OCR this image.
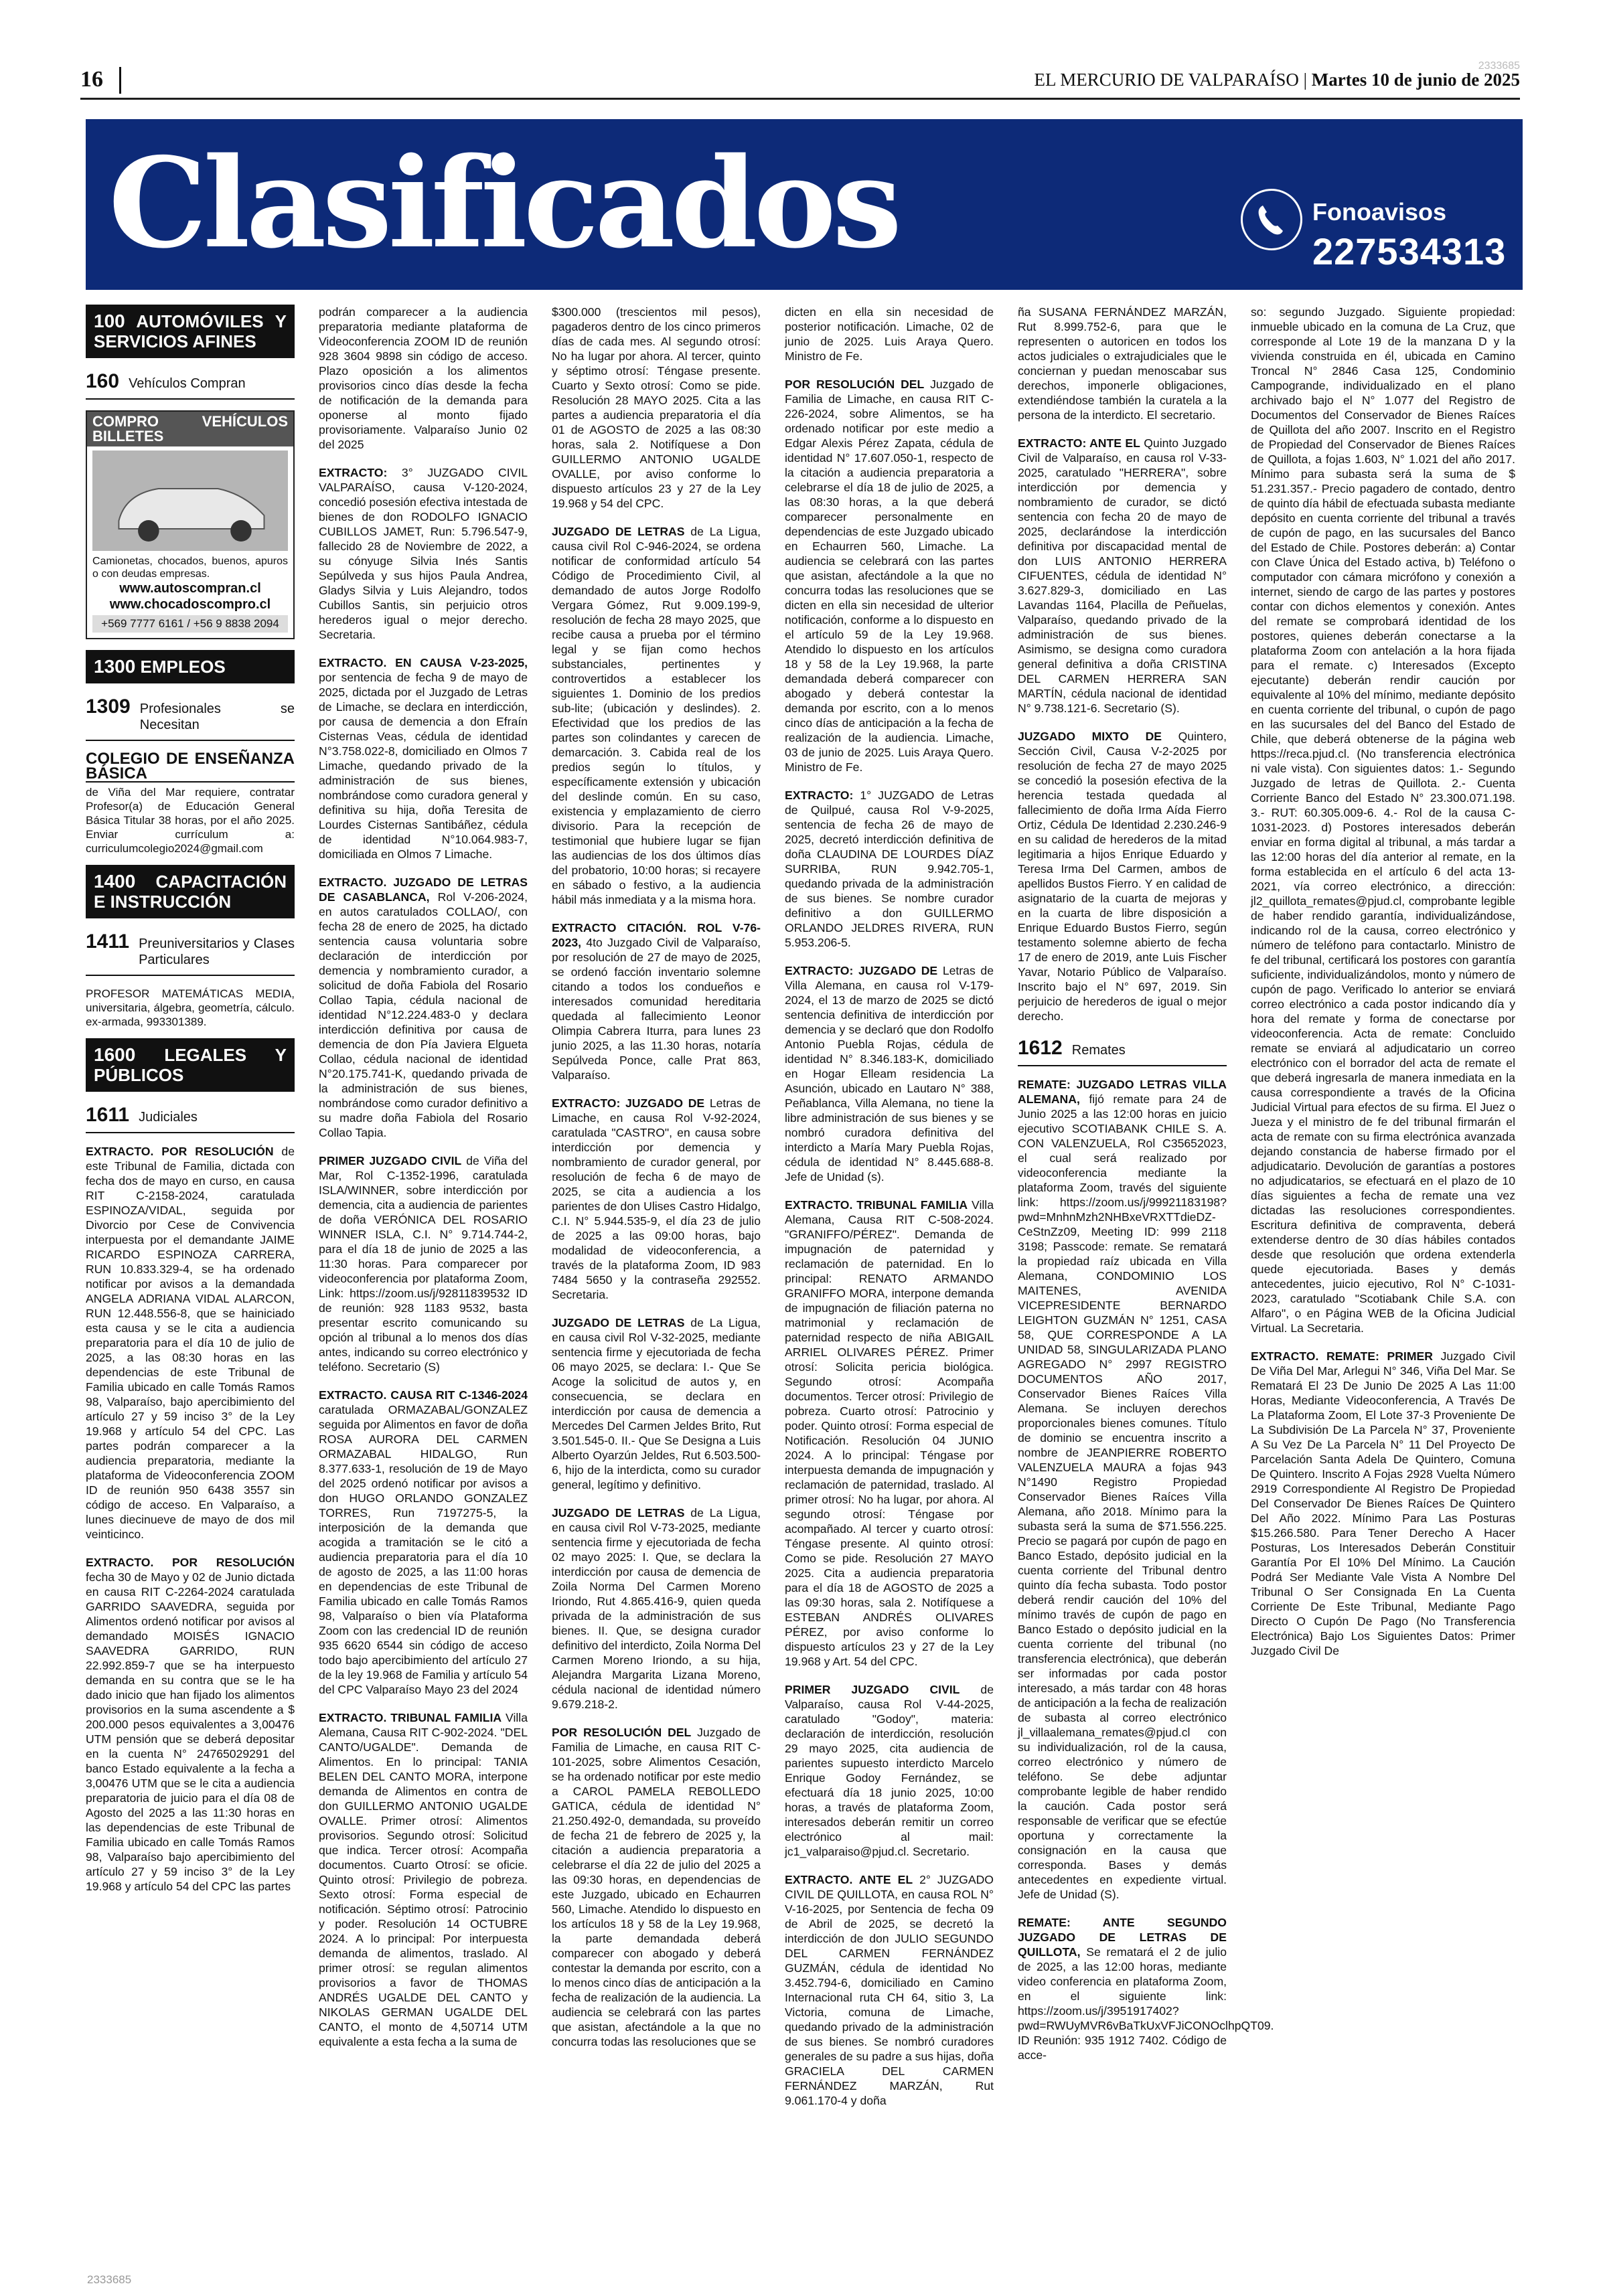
16	EL MERCURIO DE VALPARAÍSO | Martes 10 de junio de 2025
2333685
Clasificados	Fonoavisos
227534313
100 AUTOMÓVILES Y SERVICIOS AFINES
160 Vehículos Compran
COMPRO VEHÍCULOS BILLETES
Camionetas, chocados, buenos, apuros o con deudas empresas.
www.autoscompran.cl
www.chocadoscompro.cl
+569 7777 6161 / +56 9 8838 2094
1300 EMPLEOS
1309 Profesionales se Necesitan
COLEGIO DE ENSEÑANZA BÁSICA
de Viña del Mar requiere, contratar Profesor(a) de Educación General Básica Titular 38 horas, por el año 2025. Enviar currículum a: curriculumcolegio2024@gmail.com
1400 CAPACITACIÓN E INSTRUCCIÓN
1411 Preuniversitarios y Clases Particulares
PROFESOR MATEMÁTICAS MEDIA, universitaria, álgebra, geometría, cálculo. ex-armada, 993301389.
1600 LEGALES Y PÚBLICOS
1611 Judiciales

EXTRACTO. POR RESOLUCIÓN de este Tribunal de Familia, dictada con fecha dos de mayo en curso, en causa RIT C-2158-2024, caratulada ESPINOZA/VIDAL, seguida por Divorcio por Cese de Convivencia interpuesta por el demandante JAIME RICARDO ESPINOZA CARRERA, RUN 10.833.329-4, se ha ordenado notificar por avisos a la demandada ANGELA ADRIANA VIDAL ALARCON, RUN 12.448.556-8, que se hainiciado esta causa y se le cita a audiencia preparatoria para el día 10 de julio de 2025, a las 08:30 horas en las dependencias de este Tribunal de Familia ubicado en calle Tomás Ramos 98, Valparaíso, bajo apercibimiento del artículo 27 y 59 inciso 3° de la Ley 19.968 y artículo 54 del CPC. Las partes podrán comparecer a la audiencia preparatoria, mediante la plataforma de Videoconferencia ZOOM ID de reunión 950 6438 3557 sin código de acceso. En Valparaíso, a lunes diecinueve de mayo de dos mil veinticinco.

EXTRACTO. POR RESOLUCIÓN fecha 30 de Mayo y 02 de Junio dictada en causa RIT C-2264-2024 caratulada GARRIDO SAAVEDRA, seguida por Alimentos ordenó notificar por avisos al demandado MOISÉS IGNACIO SAAVEDRA GARRIDO, RUN 22.992.859-7 que se ha interpuesto demanda en su contra que se le ha dado inicio que han fijado los alimentos provisorios en la suma ascendente a $ 200.000 pesos equivalentes a 3,00476 UTM pensión que se deberá depositar en la cuenta N° 24765029291 del banco Estado equivalente a la fecha a 3,00476 UTM que se le cita a audiencia preparatoria de juicio para el día 08 de Agosto del 2025 a las 11:30 horas en las dependencias de este Tribunal de Familia ubicado en calle Tomás Ramos 98, Valparaíso bajo apercibimiento del artículo 27 y 59 inciso 3° de la Ley 19.968 y artículo 54 del CPC las partes

podrán comparecer a la audiencia preparatoria mediante plataforma de Videoconferencia ZOOM ID de reunión 928 3604 9898 sin código de acceso. Plazo oposición a los alimentos provisorios cinco días desde la fecha de notificación de la demanda para oponerse al monto fijado provisoriamente. Valparaíso Junio 02 del 2025

EXTRACTO: 3° JUZGADO CIVIL VALPARAÍSO, causa V-120-2024, concedió posesión efectiva intestada de bienes de don RODOLFO IGNACIO CUBILLOS JAMET, Run: 5.796.547-9, fallecido 28 de Noviembre de 2022, a su cónyuge Silvia Inés Santis Sepúlveda y sus hijos Paula Andrea, Gladys Silvia y Luis Alejandro, todos Cubillos Santis, sin perjuicio otros herederos igual o mejor derecho. Secretaria.

EXTRACTO. EN CAUSA V-23-2025, por sentencia de fecha 9 de mayo de 2025, dictada por el Juzgado de Letras de Limache, se declara en interdicción, por causa de demencia a don Efraín Cisternas Veas, cédula de identidad N°3.758.022-8, domiciliado en Olmos 7 Limache, quedando privado de la administración de sus bienes, nombrándose como curadora general y definitiva su hija, doña Teresita de Lourdes Cisternas Santibáñez, cédula de identidad N°10.064.983-7, domiciliada en Olmos 7 Limache.

EXTRACTO. JUZGADO DE LETRAS DE CASABLANCA, Rol V-206-2024, en autos caratulados COLLAO/, con fecha 28 de enero de 2025, ha dictado sentencia causa voluntaria sobre declaración de interdicción por demencia y nombramiento curador, a solicitud de doña Fabiola del Rosario Collao Tapia, cédula nacional de identidad N°12.224.483-0 y declara interdicción definitiva por causa de demencia de don Pía Javiera Elgueta Collao, cédula nacional de identidad N°20.175.741-K, quedando privada de la administración de sus bienes, nombrándose como curador definitivo a su madre doña Fabiola del Rosario Collao Tapia.

PRIMER JUZGADO CIVIL de Viña del Mar, Rol C-1352-1996, caratulada ISLA/WINNER, sobre interdicción por demencia, cita a audiencia de parientes de doña VERÓNICA DEL ROSARIO WINNER ISLA, C.I. N° 9.714.744-2, para el día 18 de junio de 2025 a las 11:30 horas. Para comparecer por videoconferencia por plataforma Zoom, Link: https://zoom.us/j/92811839532 ID de reunión: 928 1183 9532, basta presentar escrito comunicando su opción al tribunal a lo menos dos días antes, indicando su correo electrónico y teléfono. Secretario (S)

EXTRACTO. CAUSA RIT C-1346-2024 caratulada ORMAZABAL/GONZALEZ seguida por Alimentos en favor de doña ROSA AURORA DEL CARMEN ORMAZABAL HIDALGO, Run 8.377.633-1, resolución de 19 de Mayo del 2025 ordenó notificar por avisos a don HUGO ORLANDO GONZALEZ TORRES, Run 7197275-5, la interposición de la demanda que acogida a tramitación se le citó a audiencia preparatoria para el día 10 de agosto de 2025, a las 11:00 horas en dependencias de este Tribunal de Familia ubicado en calle Tomás Ramos 98, Valparaíso o bien vía Plataforma Zoom con las credencial ID de reunión 935 6620 6544 sin código de acceso todo bajo apercibimiento del artículo 27 de la ley 19.968 de Familia y artículo 54 del CPC Valparaíso Mayo 23 del 2024

EXTRACTO. TRIBUNAL FAMILIA Villa Alemana, Causa RIT C-902-2024. "DEL CANTO/UGALDE". Demanda de Alimentos. En lo principal: TANIA BELEN DEL CANTO MORA, interpone demanda de Alimentos en contra de don GUILLERMO ANTONIO UGALDE OVALLE. Primer otrosí: Alimentos provisorios. Segundo otrosí: Solicitud que indica. Tercer otrosí: Acompaña documentos. Cuarto Otrosí: se oficie. Quinto otrosí: Privilegio de pobreza. Sexto otrosí: Forma especial de notificación. Séptimo otrosí: Patrocinio y poder. Resolución 14 OCTUBRE 2024. A lo principal: Por interpuesta demanda de alimentos, traslado. Al primer otrosí: se regulan alimentos provisorios a favor de THOMAS ANDRÉS UGALDE DEL CANTO y NIKOLAS GERMAN UGALDE DEL CANTO, el monto de 4,50714 UTM equivalente a esta fecha a la suma de

$300.000 (trescientos mil pesos), pagaderos dentro de los cinco primeros días de cada mes. Al segundo otrosí: No ha lugar por ahora. Al tercer, quinto y séptimo otrosí: Téngase presente. Cuarto y Sexto otrosí: Como se pide. Resolución 28 MAYO 2025. Cita a las partes a audiencia preparatoria el día 01 de AGOSTO de 2025 a las 08:30 horas, sala 2. Notifíquese a Don GUILLERMO ANTONIO UGALDE OVALLE, por aviso conforme lo dispuesto artículos 23 y 27 de la Ley 19.968 y 54 del CPC.

JUZGADO DE LETRAS de La Ligua, causa civil Rol C-946-2024, se ordena notificar de conformidad artículo 54 Código de Procedimiento Civil, al demandado de autos Jorge Rodolfo Vergara Gómez, Rut 9.009.199-9, resolución de fecha 28 mayo 2025, que recibe causa a prueba por el término legal y se fijan como hechos substanciales, pertinentes y controvertidos a establecer los siguientes 1. Dominio de los predios sub-lite; (ubicación y deslindes). 2. Efectividad que los predios de las partes son colindantes y carecen de demarcación. 3. Cabida real de los predios según lo títulos, y específicamente extensión y ubicación del deslinde común. En su caso, existencia y emplazamiento de cierro divisorio. Para la recepción de testimonial que hubiere lugar se fijan las audiencias de los dos últimos días del probatorio, 10:00 horas; si recayere en sábado o festivo, a la audiencia hábil más inmediata y a la misma hora.

EXTRACTO CITACIÓN. ROL V-76-2023, 4to Juzgado Civil de Valparaíso, por resolución de 27 de mayo de 2025, se ordenó facción inventario solemne citando a todos los condueños e interesados comunidad hereditaria quedada al fallecimiento Leonor Olimpia Cabrera Iturra, para lunes 23 junio 2025, a las 11.30 horas, notaría Sepúlveda Ponce, calle Prat 863, Valparaíso.

EXTRACTO: JUZGADO DE Letras de Limache, en causa Rol V-92-2024, caratulada "CASTRO", en causa sobre interdicción por demencia y nombramiento de curador general, por resolución de fecha 6 de mayo de 2025, se cita a audiencia a los parientes de don Ulises Castro Hidalgo, C.I. N° 5.944.535-9, el día 23 de julio de 2025 a las 09:00 horas, bajo modalidad de videoconferencia, a través de la plataforma Zoom, ID 983 7484 5650 y la contraseña 292552. Secretaria.

JUZGADO DE LETRAS de La Ligua, en causa civil Rol V-32-2025, mediante sentencia firme y ejecutoriada de fecha 06 mayo 2025, se declara: I.- Que Se Acoge la solicitud de autos y, en consecuencia, se declara en interdicción por causa de demencia a Mercedes Del Carmen Jeldes Brito, Rut 3.501.545-0. II.- Que Se Designa a Luis Alberto Oyarzún Jeldes, Rut 6.503.500-6, hijo de la interdicta, como su curador general, legítimo y definitivo.

JUZGADO DE LETRAS de La Ligua, en causa civil Rol V-73-2025, mediante sentencia firme y ejecutoriada de fecha 02 mayo 2025: I. Que, se declara la interdicción por causa de demencia de Zoila Norma Del Carmen Moreno Iriondo, Rut 4.865.416-9, quien queda privada de la administración de sus bienes. II. Que, se designa curador definitivo del interdicto, Zoila Norma Del Carmen Moreno Iriondo, a su hija, Alejandra Margarita Lizana Moreno, cédula nacional de identidad número 9.679.218-2.

POR RESOLUCIÓN DEL Juzgado de Familia de Limache, en causa RIT C-101-2025, sobre Alimentos Cesación, se ha ordenado notificar por este medio a CAROL PAMELA REBOLLEDO GATICA, cédula de identidad N° 21.250.492-0, demandada, su proveído de fecha 21 de febrero de 2025 y, la citación a audiencia preparatoria a celebrarse el día 22 de julio del 2025 a las 09:30 horas, en dependencias de este Juzgado, ubicado en Echaurren 560, Limache. Atendido lo dispuesto en los artículos 18 y 58 de la Ley 19.968, la parte demandada deberá comparecer con abogado y deberá contestar la demanda por escrito, con a lo menos cinco días de anticipación a la fecha de realización de la audiencia. La audiencia se celebrará con las partes que asistan, afectándole a la que no concurra todas las resoluciones que se

dicten en ella sin necesidad de posterior notificación. Limache, 02 de junio de 2025. Luis Araya Quero. Ministro de Fe.

POR RESOLUCIÓN DEL Juzgado de Familia de Limache, en causa RIT C-226-2024, sobre Alimentos, se ha ordenado notificar por este medio a Edgar Alexis Pérez Zapata, cédula de identidad N° 17.607.050-1, respecto de la citación a audiencia preparatoria a celebrarse el día 18 de julio de 2025, a las 08:30 horas, a la que deberá comparecer personalmente en dependencias de este Juzgado ubicado en Echaurren 560, Limache. La audiencia se celebrará con las partes que asistan, afectándole a la que no concurra todas las resoluciones que se dicten en ella sin necesidad de ulterior notificación, conforme a lo dispuesto en el artículo 59 de la Ley 19.968. Atendido lo dispuesto en los artículos 18 y 58 de la Ley 19.968, la parte demandada deberá comparecer con abogado y deberá contestar la demanda por escrito, con a lo menos cinco días de anticipación a la fecha de realización de la audiencia. Limache, 03 de junio de 2025. Luis Araya Quero. Ministro de Fe.

EXTRACTO: 1° JUZGADO de Letras de Quilpué, causa Rol V-9-2025, sentencia de fecha 26 de mayo de 2025, decretó interdicción definitiva de doña CLAUDINA DE LOURDES DÍAZ SURRIBA, RUN 9.942.705-1, quedando privada de la administración de sus bienes. Se nombre curador definitivo a don GUILLERMO ORLANDO JELDRES RIVERA, RUN 5.953.206-5.

EXTRACTO: JUZGADO DE Letras de Villa Alemana, en causa rol V-179-2024, el 13 de marzo de 2025 se dictó sentencia definitiva de interdicción por demencia y se declaró que don Rodolfo Antonio Puebla Rojas, cédula de identidad N° 8.346.183-K, domiciliado en Hogar Elleam residencia La Asunción, ubicado en Lautaro N° 388, Peñablanca, Villa Alemana, no tiene la libre administración de sus bienes y se nombró curadora definitiva del interdicto a María Mary Puebla Rojas, cédula de identidad N° 8.445.688-8. Jefe de Unidad (s).

EXTRACTO. TRIBUNAL FAMILIA Villa Alemana, Causa RIT C-508-2024. "GRANIFFO/PÉREZ". Demanda de impugnación de paternidad y reclamación de paternidad. En lo principal: RENATO ARMANDO GRANIFFO MORA, interpone demanda de impugnación de filiación paterna no matrimonial y reclamación de paternidad respecto de niña ABIGAIL ARRIEL OLIVARES PÉREZ. Primer otrosí: Solicita pericia biológica. Segundo otrosí: Acompaña documentos. Tercer otrosí: Privilegio de pobreza. Cuarto otrosí: Patrocinio y poder. Quinto otrosí: Forma especial de Notificación. Resolución 04 JUNIO 2024. A lo principal: Téngase por interpuesta demanda de impugnación y reclamación de paternidad, traslado. Al primer otrosí: No ha lugar, por ahora. Al segundo otrosí: Téngase por acompañado. Al tercer y cuarto otrosí: Téngase presente. Al quinto otrosí: Como se pide. Resolución 27 MAYO 2025. Cita a audiencia preparatoria para el día 18 de AGOSTO de 2025 a las 09:30 horas, sala 2. Notifíquese a ESTEBAN ANDRÉS OLIVARES PÉREZ, por aviso conforme lo dispuesto artículos 23 y 27 de la Ley 19.968 y Art. 54 del CPC.

PRIMER JUZGADO CIVIL de Valparaíso, causa Rol V-44-2025, caratulado "Godoy", materia: declaración de interdicción, resolución 29 mayo 2025, cita audiencia de parientes supuesto interdicto Marcelo Enrique Godoy Fernández, se efectuará día 18 junio 2025, 10:00 horas, a través de plataforma Zoom, interesados deberán remitir un correo electrónico al mail: jc1_valparaiso@pjud.cl. Secretario.

EXTRACTO. ANTE EL 2° JUZGADO CIVIL DE QUILLOTA, en causa ROL N° V-16-2025, por Sentencia de fecha 09 de Abril de 2025, se decretó la interdicción de don JULIO SEGUNDO DEL CARMEN FERNÁNDEZ GUZMÁN, cédula de identidad No 3.452.794-6, domiciliado en Camino Internacional ruta CH 64, sitio 3, La Victoria, comuna de Limache, quedando privado de la administración de sus bienes. Se nombró curadores generales de su padre a sus hijas, doña GRACIELA DEL CARMEN FERNÁNDEZ MARZÁN, Rut 9.061.170-4 y doña

ña SUSANA FERNÁNDEZ MARZÁN, Rut 8.999.752-6, para que le representen o autoricen en todos los actos judiciales o extrajudiciales que le conciernan y puedan menoscabar sus derechos, imponerle obligaciones, extendiéndose también la curatela a la persona de la interdicto. El secretario.

EXTRACTO: ANTE EL Quinto Juzgado Civil de Valparaíso, en causa rol V-33-2025, caratulado "HERRERA", sobre interdicción por demencia y nombramiento de curador, se dictó sentencia con fecha 20 de mayo de 2025, declarándose la interdicción definitiva por discapacidad mental de don LUIS ANTONIO HERRERA CIFUENTES, cédula de identidad N° 3.627.829-3, domiciliado en Las Lavandas 1164, Placilla de Peñuelas, Valparaíso, quedando privado de la administración de sus bienes. Asimismo, se designa como curadora general definitiva a doña CRISTINA DEL CARMEN HERRERA SAN MARTÍN, cédula nacional de identidad N° 9.738.121-6. Secretario (S).

JUZGADO MIXTO DE Quintero, Sección Civil, Causa V-2-2025 por resolución de fecha 27 de mayo 2025 se concedió la posesión efectiva de la herencia testada quedada al fallecimiento de doña Irma Aída Fierro Ortiz, Cédula De Identidad 2.230.246-9 en su calidad de herederos de la mitad legitimaria a hijos Enrique Eduardo y Teresa Irma Del Carmen, ambos de apellidos Bustos Fierro. Y en calidad de asignatario de la cuarta de mejoras y en la cuarta de libre disposición a Enrique Eduardo Bustos Fierro, según testamento solemne abierto de fecha 17 de enero de 2019, ante Luis Fischer Yavar, Notario Público de Valparaíso. Inscrito bajo el N° 697, 2019. Sin perjuicio de herederos de igual o mejor derecho.

1612 Remates

REMATE: JUZGADO LETRAS VILLA ALEMANA, fijó remate para 24 de Junio 2025 a las 12:00 horas en juicio ejecutivo SCOTIABANK CHILE S. A. CON VALENZUELA, Rol C35652023, el cual será realizado por videoconferencia mediante la plataforma Zoom, través del siguiente link: https://zoom.us/j/99921183198?pwd=MnhnMzh2NHBxeVRXTTdieDZ-CeStnZz09, Meeting ID: 999 2118 3198; Passcode: remate. Se rematará la propiedad raíz ubicada en Villa Alemana, CONDOMINIO LOS MAITENES, AVENIDA VICEPRESIDENTE BERNARDO LEIGHTON GUZMÁN N° 1251, CASA 58, QUE CORRESPONDE A LA UNIDAD 58, SINGULARIZADA PLANO AGREGADO N° 2997 REGISTRO DOCUMENTOS AÑO 2017, Conservador Bienes Raíces Villa Alemana. Se incluyen derechos proporcionales bienes comunes. Título de dominio se encuentra inscrito a nombre de JEANPIERRE ROBERTO VALENZUELA MAURA a fojas 943 N°1490 Registro Propiedad Conservador Bienes Raíces Villa Alemana, año 2018. Mínimo para la subasta será la suma de $71.556.225. Precio se pagará por cupón de pago en Banco Estado, depósito judicial en la cuenta corriente del Tribunal dentro quinto día fecha subasta. Todo postor deberá rendir caución del 10% del mínimo través de cupón de pago en Banco Estado o depósito judicial en la cuenta corriente del tribunal (no transferencia electrónica), que deberán ser informadas por cada postor interesado, a más tardar con 48 horas de anticipación a la fecha de realización de subasta al correo electrónico jl_villaalemana_remates@pjud.cl con su individualización, rol de la causa, correo electrónico y número de teléfono. Se debe adjuntar comprobante legible de haber rendido la caución. Cada postor será responsable de verificar que se efectúe oportuna y correctamente la consignación en la causa que corresponda. Bases y demás antecedentes en expediente virtual. Jefe de Unidad (S).

REMATE: ANTE SEGUNDO JUZGADO DE LETRAS DE QUILLOTA, Se rematará el 2 de julio de 2025, a las 12:00 horas, mediante video conferencia en plataforma Zoom, en el siguiente link: https://zoom.us/j/3951917402?pwd=RWUyMVR6vBaTkUxVFJiCONOclhpQT09. ID Reunión: 935 1912 7402. Código de acce-

so: segundo Juzgado. Siguiente propiedad: inmueble ubicado en la comuna de La Cruz, que corresponde al Lote 19 de la manzana D y la vivienda construida en él, ubicada en Camino Troncal N° 2846 Casa 125, Condominio Campogrande, individualizado en el plano archivado bajo el N° 1.077 del Registro de Documentos del Conservador de Bienes Raíces de Quillota del año 2007. Inscrito en el Registro de Propiedad del Conservador de Bienes Raíces de Quillota, a fojas 1.603, N° 1.021 del año 2017. Mínimo para subasta será la suma de $ 51.231.357.- Precio pagadero de contado, dentro de quinto día hábil de efectuada subasta mediante depósito en cuenta corriente del tribunal a través de cupón de pago, en las sucursales del Banco del Estado de Chile. Postores deberán: a) Contar con Clave Única del Estado activa, b) Teléfono o computador con cámara micrófono y conexión a internet, siendo de cargo de las partes y postores contar con dichos elementos y conexión. Antes del remate se comprobará identidad de los postores, quienes deberán conectarse a la plataforma Zoom con antelación a la hora fijada para el remate. c) Interesados (Excepto ejecutante) deberán rendir caución por equivalente al 10% del mínimo, mediante depósito en cuenta corriente del tribunal, o cupón de pago en las sucursales del del Banco del Estado de Chile, que deberá obtenerse de la página web https://reca.pjud.cl. (No transferencia electrónica ni vale vista). Con siguientes datos: 1.- Segundo Juzgado de letras de Quillota. 2.- Cuenta Corriente Banco del Estado N° 23.300.071.198. 3.- RUT: 60.305.009-6. 4.- Rol de la causa C-1031-2023. d) Postores interesados deberán enviar en forma digital al tribunal, a más tardar a las 12:00 horas del día anterior al remate, en la forma establecida en el artículo 6 del acta 13-2021, vía correo electrónico, a dirección: jl2_quillota_remates@pjud.cl, comprobante legible de haber rendido garantía, individualizándose, indicando rol de la causa, correo electrónico y número de teléfono para contactarlo. Ministro de fe del tribunal, certificará los postores con garantía suficiente, individualizándolos, monto y número de cupón de pago. Verificado lo anterior se enviará correo electrónico a cada postor indicando día y hora del remate y forma de conectarse por videoconferencia. Acta de remate: Concluido remate se enviará al adjudicatario un correo electrónico con el borrador del acta de remate el que deberá ingresarla de manera inmediata en la causa correspondiente a través de la Oficina Judicial Virtual para efectos de su firma. El Juez o Jueza y el ministro de fe del tribunal firmarán el acta de remate con su firma electrónica avanzada dejando constancia de haberse firmado por el adjudicatario. Devolución de garantías a postores no adjudicatarios, se efectuará en el plazo de 10 días siguientes a fecha de remate una vez dictadas las resoluciones correspondientes. Escritura definitiva de compraventa, deberá extenderse dentro de 30 días hábiles contados desde que resolución que ordena extenderla quede ejecutoriada. Bases y demás antecedentes, juicio ejecutivo, Rol N° C-1031-2023, caratulado "Scotiabank Chile S.A. con Alfaro", o en Página WEB de la Oficina Judicial Virtual. La Secretaria.

EXTRACTO. REMATE: PRIMER Juzgado Civil De Viña Del Mar, Arlegui N° 346, Viña Del Mar. Se Rematará El 23 De Junio De 2025 A Las 11:00 Horas, Mediante Videoconferencia, A Través De La Plataforma Zoom, El Lote 37-3 Proveniente De La Subdivisión De La Parcela N° 37, Proveniente A Su Vez De La Parcela N° 11 Del Proyecto De Parcelación Santa Adela De Quintero, Comuna De Quintero. Inscrito A Fojas 2928 Vuelta Número 2919 Correspondiente Al Registro De Propiedad Del Conservador De Bienes Raíces De Quintero Del Año 2022. Mínimo Para Las Posturas $15.266.580. Para Tener Derecho A Hacer Posturas, Los Interesados Deberán Constituir Garantía Por El 10% Del Mínimo. La Caución Podrá Ser Mediante Vale Vista A Nombre Del Tribunal O Ser Consignada En La Cuenta Corriente De Este Tribunal, Mediante Pago Directo O Cupón De Pago (No Transferencia Electrónica) Bajo Los Siguientes Datos: Primer Juzgado Civil De

2333685
